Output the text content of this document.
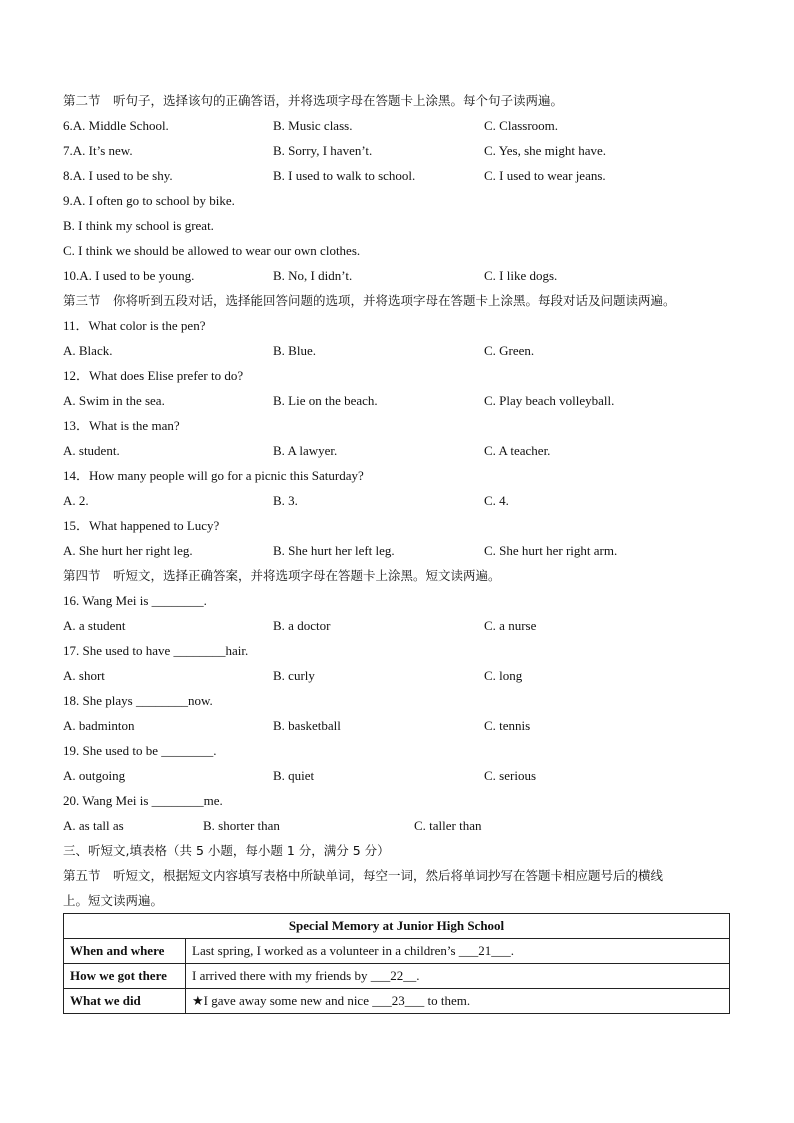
第二节　听句子，选择该句的正确答语，并将选项字母在答题卡上涂黑。每个句子读两遍。
6.A. Middle School.	B. Music class.	C. Classroom.
7.A. It’s new.	B. Sorry, I haven’t.	C. Yes, she might have.
8.A. I used to be shy.	B. I used to walk to school.	C. I used to wear jeans.
9.A. I often go to school by bike.
B. I think my school is great.
C. I think we should be allowed to wear our own clothes.
10.A. I used to be young.	B. No, I didn’t.	C. I like dogs.
第三节　你将听到五段对话，选择能回答问题的选项，并将选项字母在答题卡上涂黑。每段对话及问题读两遍。
11．What color is the pen?
A. Black.	B. Blue.	C. Green.
12．What does Elise prefer to do?
A. Swim in the sea.	B. Lie on the beach.	C. Play beach volleyball.
13．What is the man?
A. student.	B. A lawyer.	C. A teacher.
14．How many people will go for a picnic this Saturday?
A. 2.	B. 3.	C. 4.
15．What happened to Lucy?
A. She hurt her right leg.	B. She hurt her left leg.	C. She hurt her right arm.
第四节　听短文，选择正确答案，并将选项字母在答题卡上涂黑。短文读两遍。
16. Wang Mei is ________.
A. a student	B. a doctor	C. a nurse
17. She used to have ________hair.
A. short	B. curly	C. long
18. She plays ________now.
A. badminton	B. basketball	C. tennis
19. She used to be ________.
A. outgoing	B. quiet	C. serious
20. Wang Mei is ________me.
A. as tall as	B. shorter than	C. taller than
三、听短文,填表格（共 5 小题，每小题 1 分，满分 5 分）
第五节　听短文，根据短文内容填写表格中所缺单词，每空一词，然后将单词抄写在答题卡相应题号后的横线
上。短文读两遍。
Special Memory at Junior High School	
When and where	Last spring, I worked as a volunteer in a children’s ___21___.
How we got there	I arrived there with my friends by ___22__.
What we did	★I gave away some new and nice ___23___ to them.
